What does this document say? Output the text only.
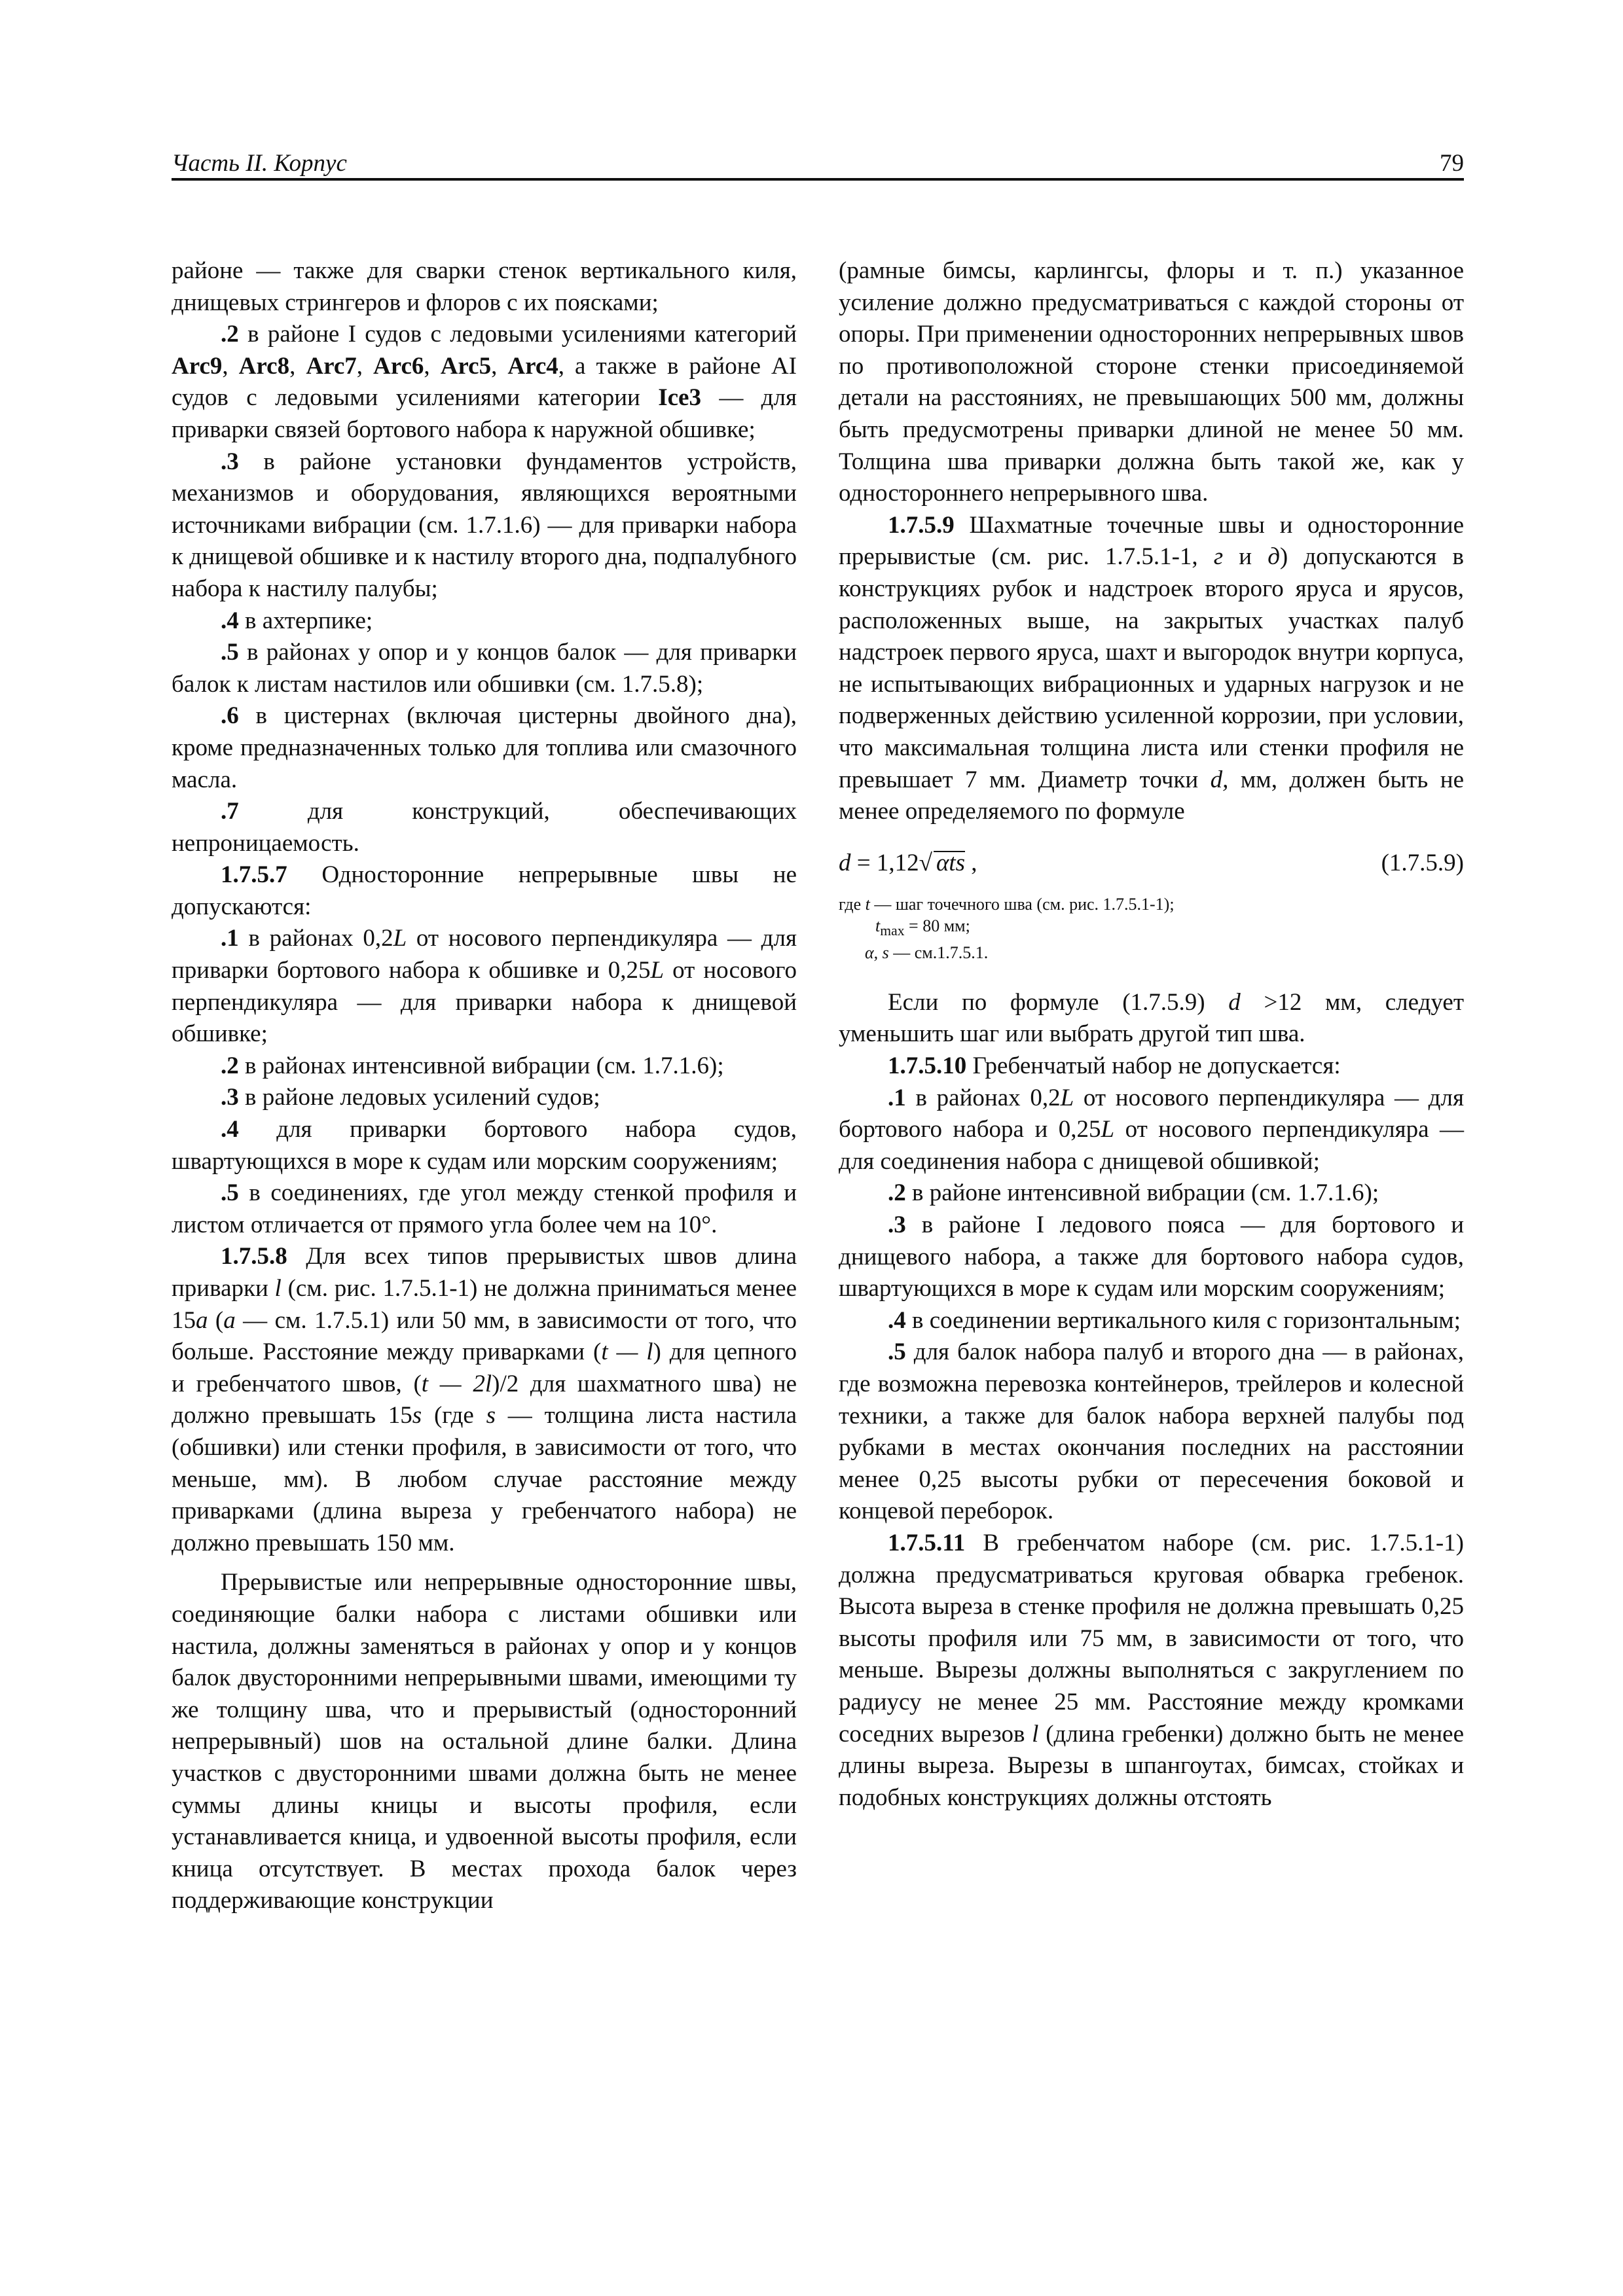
Часть II. Корпус	79

районе — также для сварки стенок вертикального киля, днищевых стрингеров и флоров с их поясками;

.2 в районе I судов с ледовыми усилениями категорий Arc9, Arc8, Arc7, Arc6, Arc5, Arc4, а также в районе AI судов с ледовыми усилениями категории Ice3 — для приварки связей бортового набора к наружной обшивке;

.3 в районе установки фундаментов устройств, механизмов и оборудования, являющихся вероятными источниками вибрации (см. 1.7.1.6) — для приварки набора к днищевой обшивке и к настилу второго дна, подпалубного набора к настилу палубы;

.4 в ахтерпике;

.5 в районах у опор и у концов балок — для приварки балок к листам настилов или обшивки (см. 1.7.5.8);

.6 в цистернах (включая цистерны двойного дна), кроме предназначенных только для топлива или смазочного масла.

.7 для конструкций, обеспечивающих непроницаемость.

1.7.5.7 Односторонние непрерывные швы не допускаются:

.1 в районах 0,2L от носового перпендикуляра — для приварки бортового набора к обшивке и 0,25L от носового перпендикуляра — для приварки набора к днищевой обшивке;

.2 в районах интенсивной вибрации (см. 1.7.1.6);

.3 в районе ледовых усилений судов;

.4 для приварки бортового набора судов, швартующихся в море к судам или морским сооружениям;

.5 в соединениях, где угол между стенкой профиля и листом отличается от прямого угла более чем на 10°.

1.7.5.8 Для всех типов прерывистых швов длина приварки l (см. рис. 1.7.5.1-1) не должна приниматься менее 15a (a — см. 1.7.5.1) или 50 мм, в зависимости от того, что больше. Расстояние между приварками (t — l) для цепного и гребенчатого швов, (t — 2l)/2 для шахматного шва) не должно превышать 15s (где s — толщина листа настила (обшивки) или стенки профиля, в зависимости от того, что меньше, мм). В любом случае расстояние между приварками (длина выреза у гребенчатого набора) не должно превышать 150 мм.

Прерывистые или непрерывные односторонние швы, соединяющие балки набора с листами обшивки или настила, должны заменяться в районах у опор и у концов балок двусторонними непрерывными швами, имеющими ту же толщину шва, что и прерывистый (односторонний непрерывный) шов на остальной длине балки. Длина участков с двусторонними швами должна быть не менее суммы длины кницы и высоты профиля, если устанавливается кница, и удвоенной высоты профиля, если кница отсутствует. В местах прохода балок через поддерживающие конструкции

(рамные бимсы, карлингсы, флоры и т. п.) указанное усиление должно предусматриваться с каждой стороны от опоры. При применении односторонних непрерывных швов по противоположной стороне стенки присоединяемой детали на расстояниях, не превышающих 500 мм, должны быть предусмотрены приварки длиной не менее 50 мм. Толщина шва приварки должна быть такой же, как у одностороннего непрерывного шва.

1.7.5.9 Шахматные точечные швы и односторонние прерывистые (см. рис. 1.7.5.1-1, г и д) допускаются в конструкциях рубок и надстроек второго яруса и ярусов, расположенных выше, на закрытых участках палуб надстроек первого яруса, шахт и выгородок внутри корпуса, не испытывающих вибрационных и ударных нагрузок и не подверженных действию усиленной коррозии, при условии, что максимальная толщина листа или стенки профиля не превышает 7 мм. Диаметр точки d, мм, должен быть не менее определяемого по формуле

d = 1,12√ αts ,	(1.7.5.9)

где t — шаг точечного шва (см. рис. 1.7.5.1-1);

$t_{max} = 80$ мм;

α, s — см.1.7.5.1.

Если по формуле (1.7.5.9) d >12 мм, следует уменьшить шаг или выбрать другой тип шва.

1.7.5.10 Гребенчатый набор не допускается:

.1 в районах 0,2L от носового перпендикуляра — для бортового набора и 0,25L от носового перпендикуляра — для соединения набора с днищевой обшивкой;

.2 в районе интенсивной вибрации (см. 1.7.1.6);

.3 в районе I ледового пояса — для бортового и днищевого набора, а также для бортового набора судов, швартующихся в море к судам или морским сооружениям;

.4 в соединении вертикального киля с горизонтальным;

.5 для балок набора палуб и второго дна — в районах, где возможна перевозка контейнеров, трейлеров и колесной техники, а также для балок набора верхней палубы под рубками в местах окончания последних на расстоянии менее 0,25 высоты рубки от пересечения боковой и концевой переборок.

1.7.5.11 В гребенчатом наборе (см. рис. 1.7.5.1-1) должна предусматриваться круговая обварка гребенок. Высота выреза в стенке профиля не должна превышать 0,25 высоты профиля или 75 мм, в зависимости от того, что меньше. Вырезы должны выполняться с закруглением по радиусу не менее 25 мм. Расстояние между кромками соседних вырезов l (длина гребенки) должно быть не менее длины выреза. Вырезы в шпангоутах, бимсах, стойках и подобных конструкциях должны отстоять
